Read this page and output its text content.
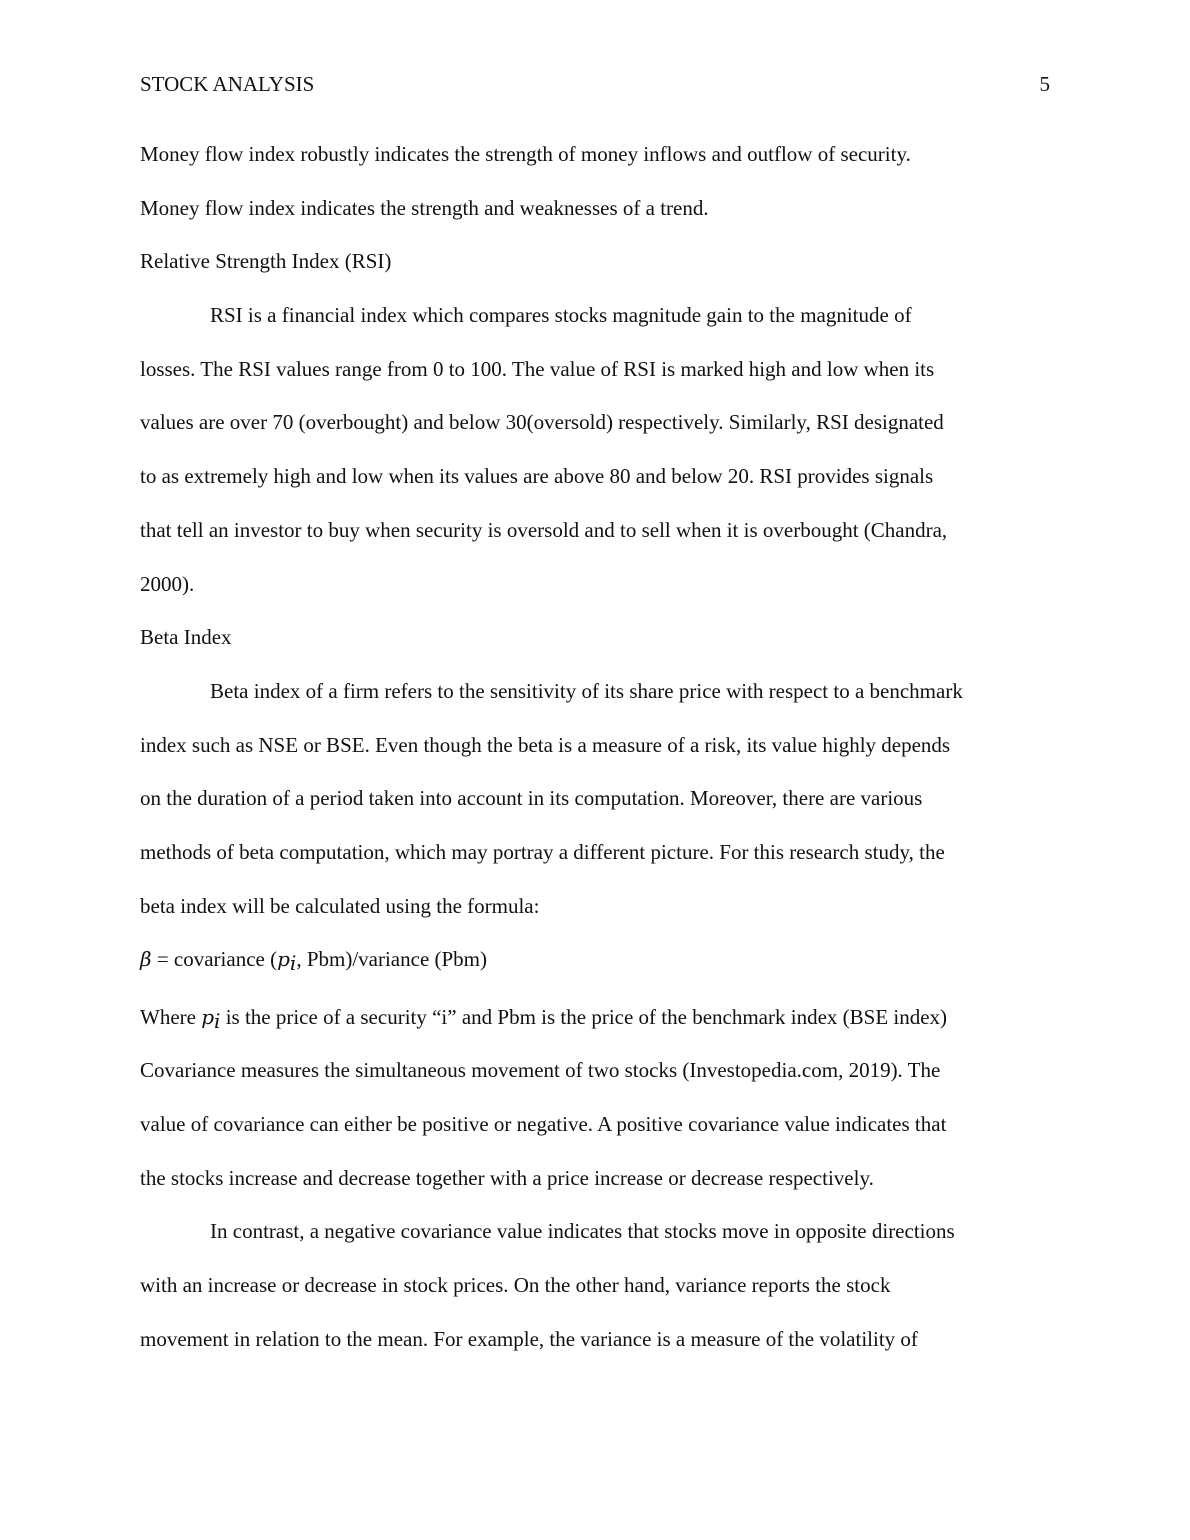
STOCK ANALYSIS	5
Money flow index robustly indicates the strength of money inflows and outflow of security.
Money flow index indicates the strength and weaknesses of a trend.
Relative Strength Index (RSI)
RSI is a financial index which compares stocks magnitude gain to the magnitude of
losses. The RSI values range from 0 to 100. The value of RSI is marked high and low when its
values are over 70 (overbought) and below 30(oversold) respectively. Similarly, RSI designated
to as extremely high and low when its values are above 80 and below 20. RSI provides signals
that tell an investor to buy when security is oversold and to sell when it is overbought (Chandra,
2000).
Beta Index
Beta index of a firm refers to the sensitivity of its share price with respect to a benchmark
index such as NSE or BSE. Even though the beta is a measure of a risk, its value highly depends
on the duration of a period taken into account in its computation. Moreover, there are various
methods of beta computation, which may portray a different picture. For this research study, the
beta index will be calculated using the formula:
β = covariance ($p_i$, Pbm)/variance (Pbm)
Where $p_i$ is the price of a security “i” and Pbm is the price of the benchmark index (BSE index)
Covariance measures the simultaneous movement of two stocks (Investopedia.com, 2019). The
value of covariance can either be positive or negative. A positive covariance value indicates that
the stocks increase and decrease together with a price increase or decrease respectively.
In contrast, a negative covariance value indicates that stocks move in opposite directions
with an increase or decrease in stock prices. On the other hand, variance reports the stock
movement in relation to the mean. For example, the variance is a measure of the volatility of
